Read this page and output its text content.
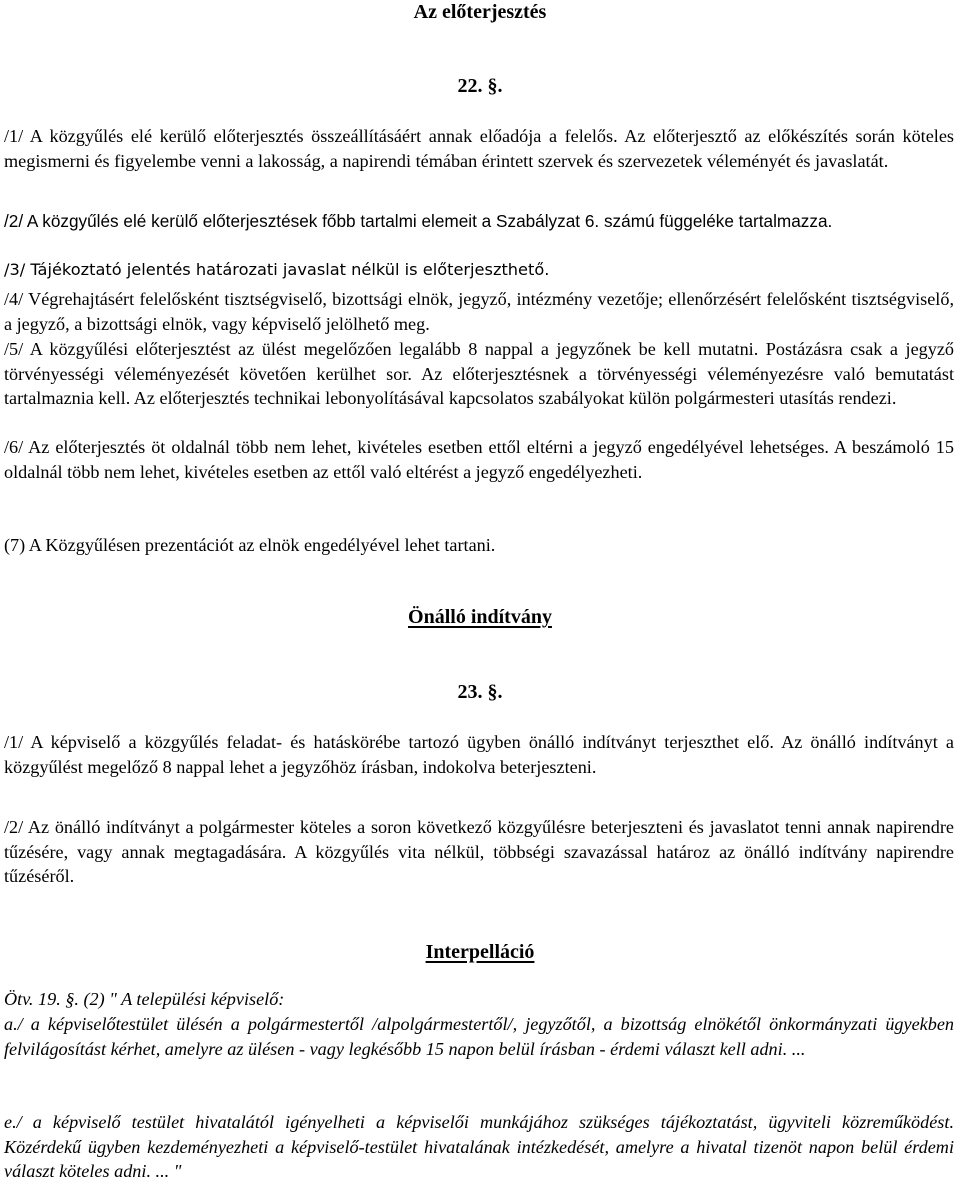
Az előterjesztés
22. §.

/1/ A közgyűlés elé kerülő előterjesztés összeállításáért annak előadója a felelős. Az előterjesztő az előkészítés során köteles megismerni és figyelembe venni a lakosság, a napirendi témában érintett szervek és szervezetek véleményét és javaslatát.

/2/ A közgyűlés elé kerülő előterjesztések főbb tartalmi elemeit a Szabályzat 6. számú függeléke tartalmazza.

/3/ Tájékoztató jelentés határozati javaslat nélkül is előterjeszthető.

/4/ Végrehajtásért felelősként tisztségviselő, bizottsági elnök, jegyző, intézmény vezetője; ellenőrzésért felelősként tisztségviselő, a jegyző, a bizottsági elnök, vagy képviselő jelölhető meg.

/5/ A közgyűlési előterjesztést az ülést megelőzően legalább 8 nappal a jegyzőnek be kell mutatni. Postázásra csak a jegyző törvényességi véleményezését követően kerülhet sor. Az előterjesztésnek a törvényességi véleményezésre való bemutatást tartalmaznia kell. Az előterjesztés technikai lebonyolításával kapcsolatos szabályokat külön polgármesteri utasítás rendezi.

/6/ Az előterjesztés öt oldalnál több nem lehet, kivételes esetben ettől eltérni a jegyző engedélyével lehetséges. A beszámoló 15 oldalnál több nem lehet, kivételes esetben az ettől való eltérést a jegyző engedélyezheti.

(7) A Közgyűlésen prezentációt az elnök engedélyével lehet tartani.

Önálló indítvány
23. §.

/1/ A képviselő a közgyűlés feladat- és hatáskörébe tartozó ügyben önálló indítványt terjeszthet elő. Az önálló indítványt a közgyűlést megelőző 8 nappal lehet a jegyzőhöz írásban, indokolva beterjeszteni.

/2/ Az önálló indítványt a polgármester köteles a soron következő közgyűlésre beterjeszteni és javaslatot tenni annak napirendre tűzésére, vagy annak megtagadására. A közgyűlés vita nélkül, többségi szavazással határoz az önálló indítvány napirendre tűzéséről.

Interpelláció

Ötv. 19. §. (2) " A települési képviselő:

a./ a képviselőtestület ülésén a polgármestertől /alpolgármestertől/, jegyzőtől, a bizottság elnökétől önkormányzati ügyekben felvilágosítást kérhet, amelyre az ülésen - vagy legkésőbb 15 napon belül írásban - érdemi választ kell adni. ...

e./ a képviselő testület hivatalától igényelheti a képviselői munkájához szükséges tájékoztatást, ügyviteli közreműködést. Közérdekű ügyben kezdeményezheti a képviselő-testület hivatalának intézkedését, amelyre a hivatal tizenöt napon belül érdemi választ köteles adni. ... "
